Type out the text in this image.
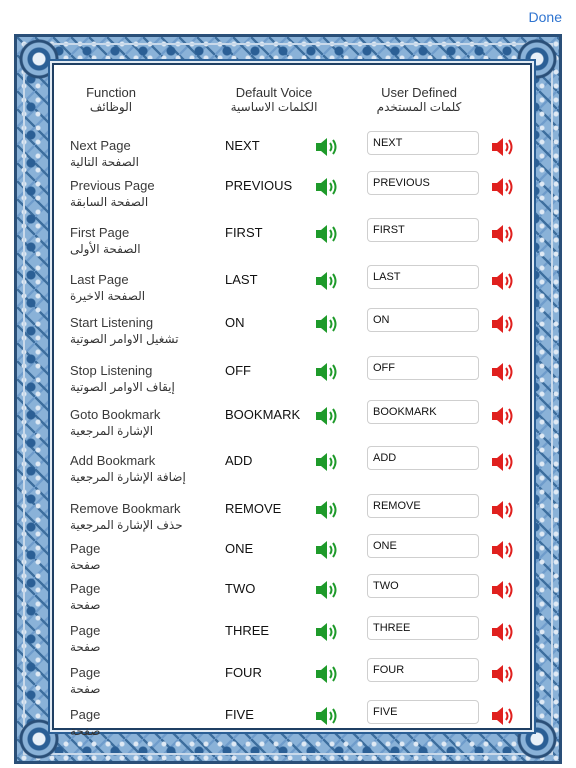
Custom Voice / مخارات الاوامر الصوتية	Done
Function
الوظائف
Default Voice
الكلمات الاساسية
User Defined
كلمات المستخدم
Next Page
الصفحة التالية
NEXT
NEXT
Previous Page
الصفحة السابقة
PREVIOUS
PREVIOUS
First Page
الصفحة الأولى
FIRST
FIRST
Last Page
الصفحة الاخيرة
LAST
LAST
Start Listening
تشغيل الاوامر الصوتية
ON
ON
Stop Listening
إيقاف الاوامر الصوتية
OFF
OFF
Goto Bookmark
الإشارة المرجعية
BOOKMARK
BOOKMARK
Add Bookmark
إضافة الإشارة المرجعية
ADD
ADD
Remove Bookmark
حذف الإشارة المرجعية
REMOVE
REMOVE
Page
صفحة
ONE
ONE
Page
صفحة
TWO
TWO
Page
صفحة
THREE
THREE
Page
صفحة
FOUR
FOUR
Page
صفحة
FIVE
FIVE
